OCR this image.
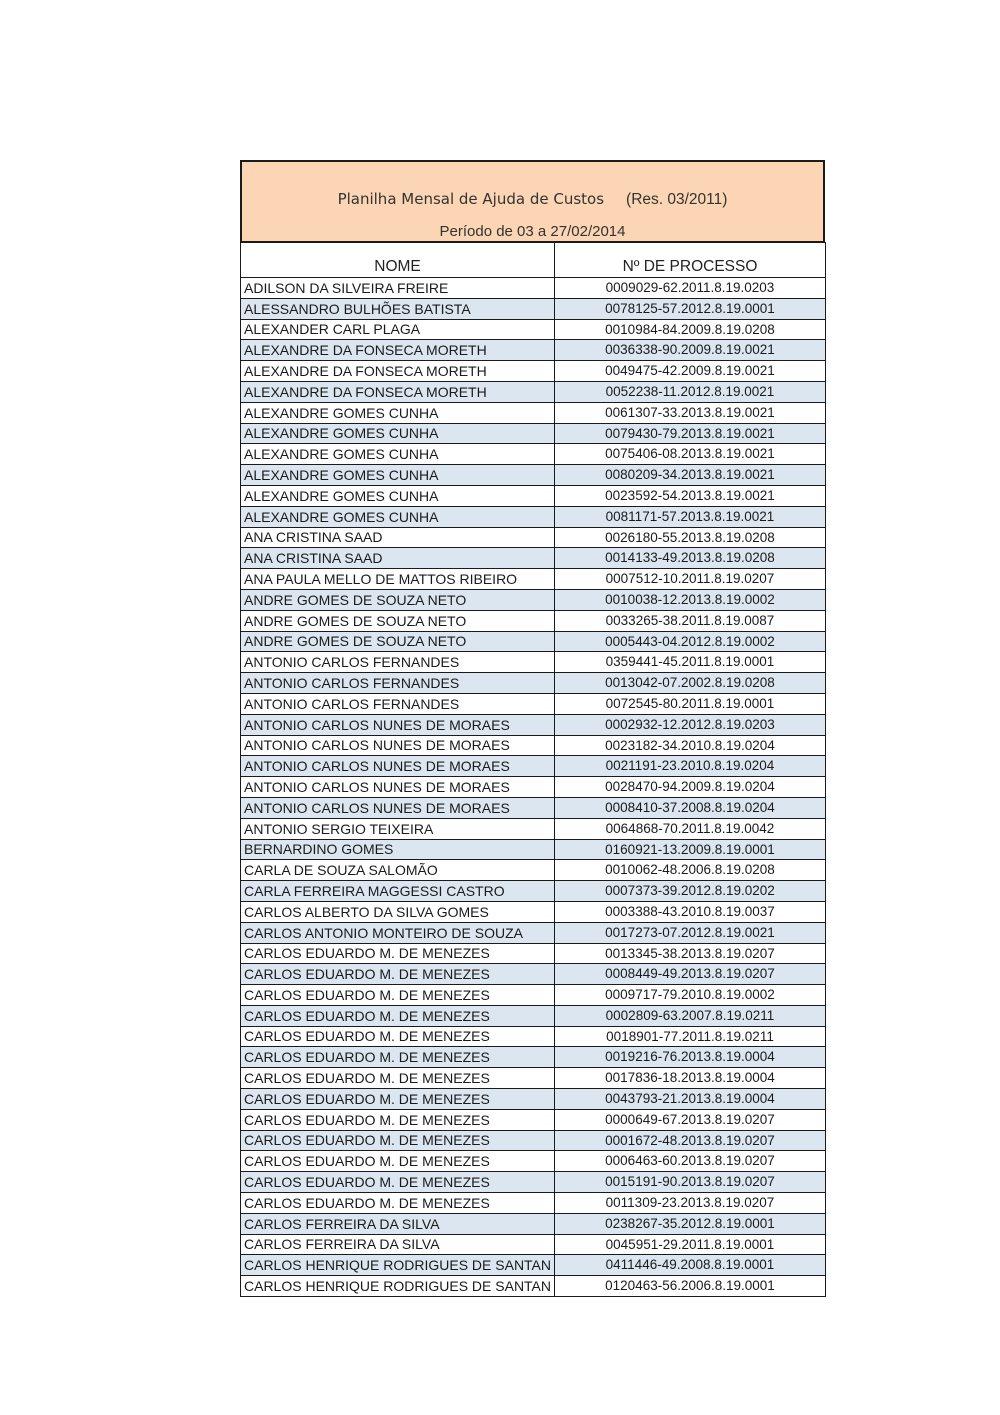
Planilha Mensal de Ajuda de Custos (Res. 03/2011)
Período de 03 a 27/02/2014
NOME	Nº DE PROCESSO
ADILSON DA SILVEIRA FREIRE	0009029-62.2011.8.19.0203
ALESSANDRO BULHÕES BATISTA	0078125-57.2012.8.19.0001
ALEXANDER CARL PLAGA	0010984-84.2009.8.19.0208
ALEXANDRE DA FONSECA MORETH	0036338-90.2009.8.19.0021
ALEXANDRE DA FONSECA MORETH	0049475-42.2009.8.19.0021
ALEXANDRE DA FONSECA MORETH	0052238-11.2012.8.19.0021
ALEXANDRE GOMES CUNHA	0061307-33.2013.8.19.0021
ALEXANDRE GOMES CUNHA	0079430-79.2013.8.19.0021
ALEXANDRE GOMES CUNHA	0075406-08.2013.8.19.0021
ALEXANDRE GOMES CUNHA	0080209-34.2013.8.19.0021
ALEXANDRE GOMES CUNHA	0023592-54.2013.8.19.0021
ALEXANDRE GOMES CUNHA	0081171-57.2013.8.19.0021
ANA CRISTINA SAAD	0026180-55.2013.8.19.0208
ANA CRISTINA SAAD	0014133-49.2013.8.19.0208
ANA PAULA MELLO DE MATTOS RIBEIRO	0007512-10.2011.8.19.0207
ANDRE GOMES DE SOUZA NETO	0010038-12.2013.8.19.0002
ANDRE GOMES DE SOUZA NETO	0033265-38.2011.8.19.0087
ANDRE GOMES DE SOUZA NETO	0005443-04.2012.8.19.0002
ANTONIO CARLOS FERNANDES	0359441-45.2011.8.19.0001
ANTONIO CARLOS FERNANDES	0013042-07.2002.8.19.0208
ANTONIO CARLOS FERNANDES	0072545-80.2011.8.19.0001
ANTONIO CARLOS NUNES DE MORAES	0002932-12.2012.8.19.0203
ANTONIO CARLOS NUNES DE MORAES	0023182-34.2010.8.19.0204
ANTONIO CARLOS NUNES DE MORAES	0021191-23.2010.8.19.0204
ANTONIO CARLOS NUNES DE MORAES	0028470-94.2009.8.19.0204
ANTONIO CARLOS NUNES DE MORAES	0008410-37.2008.8.19.0204
ANTONIO SERGIO TEIXEIRA	0064868-70.2011.8.19.0042
BERNARDINO GOMES	0160921-13.2009.8.19.0001
CARLA DE SOUZA SALOMÃO	0010062-48.2006.8.19.0208
CARLA FERREIRA MAGGESSI CASTRO	0007373-39.2012.8.19.0202
CARLOS ALBERTO DA SILVA GOMES	0003388-43.2010.8.19.0037
CARLOS ANTONIO MONTEIRO DE SOUZA	0017273-07.2012.8.19.0021
CARLOS EDUARDO M. DE MENEZES	0013345-38.2013.8.19.0207
CARLOS EDUARDO M. DE MENEZES	0008449-49.2013.8.19.0207
CARLOS EDUARDO M. DE MENEZES	0009717-79.2010.8.19.0002
CARLOS EDUARDO M. DE MENEZES	0002809-63.2007.8.19.0211
CARLOS EDUARDO M. DE MENEZES	0018901-77.2011.8.19.0211
CARLOS EDUARDO M. DE MENEZES	0019216-76.2013.8.19.0004
CARLOS EDUARDO M. DE MENEZES	0017836-18.2013.8.19.0004
CARLOS EDUARDO M. DE MENEZES	0043793-21.2013.8.19.0004
CARLOS EDUARDO M. DE MENEZES	0000649-67.2013.8.19.0207
CARLOS EDUARDO M. DE MENEZES	0001672-48.2013.8.19.0207
CARLOS EDUARDO M. DE MENEZES	0006463-60.2013.8.19.0207
CARLOS EDUARDO M. DE MENEZES	0015191-90.2013.8.19.0207
CARLOS EDUARDO M. DE MENEZES	0011309-23.2013.8.19.0207
CARLOS FERREIRA DA SILVA	0238267-35.2012.8.19.0001
CARLOS FERREIRA DA SILVA	0045951-29.2011.8.19.0001
CARLOS HENRIQUE RODRIGUES DE SANTAN	0411446-49.2008.8.19.0001
CARLOS HENRIQUE RODRIGUES DE SANTAN	0120463-56.2006.8.19.0001
